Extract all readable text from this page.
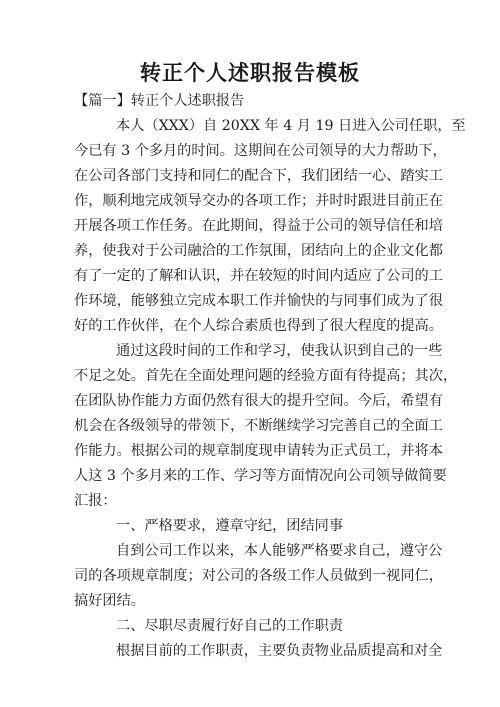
转正个人述职报告模板
【篇一】转正个人述职报告
本人（XXX）自 20XX 年 4 月 19 日进入公司任职，至
今已有 3 个多月的时间。这期间在公司领导的大力帮助下，
在公司各部门支持和同仁的配合下，我们团结一心、踏实工
作，顺利地完成领导交办的各项工作；并时时跟进目前正在
开展各项工作任务。在此期间，得益于公司的领导信任和培
养，使我对于公司融洽的工作氛围，团结向上的企业文化都
有了一定的了解和认识，并在较短的时间内适应了公司的工
作环境，能够独立完成本职工作并愉快的与同事们成为了很
好的工作伙伴，在个人综合素质也得到了很大程度的提高。
通过这段时间的工作和学习，使我认识到自己的一些
不足之处。首先在全面处理问题的经验方面有待提高；其次，
在团队协作能力方面仍然有很大的提升空间。今后，希望有
机会在各级领导的带领下，不断继续学习完善自己的全面工
作能力。根据公司的规章制度现申请转为正式员工，并将本
人这 3 个多月来的工作、学习等方面情况向公司领导做简要
汇报：
一、严格要求，遵章守纪，团结同事
自到公司工作以来，本人能够严格要求自己，遵守公
司的各项规章制度；对公司的各级工作人员做到一视同仁，
搞好团结。
二、尽职尽责履行好自己的工作职责
根据目前的工作职责，主要负责物业品质提高和对全
